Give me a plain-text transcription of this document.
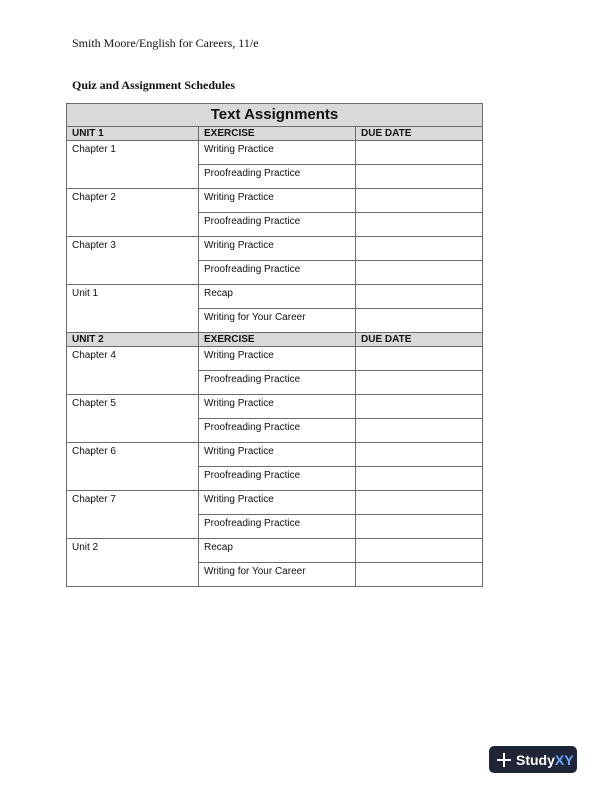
Smith Moore/English for Careers, 11/e
Quiz and Assignment Schedules
Text Assignments		
UNIT 1	EXERCISE	DUE DATE
Chapter 1	Writing Practice	
	Proofreading Practice	
Chapter 2	Writing Practice	
	Proofreading Practice	
Chapter 3	Writing Practice	
	Proofreading Practice	
Unit 1	Recap	
	Writing for Your Career	
UNIT 2	EXERCISE	DUE DATE
Chapter 4	Writing Practice	
	Proofreading Practice	
Chapter 5	Writing Practice	
	Proofreading Practice	
Chapter 6	Writing Practice	
	Proofreading Practice	
Chapter 7	Writing Practice	
	Proofreading Practice	
Unit 2	Recap	
	Writing for Your Career	
Study XY
